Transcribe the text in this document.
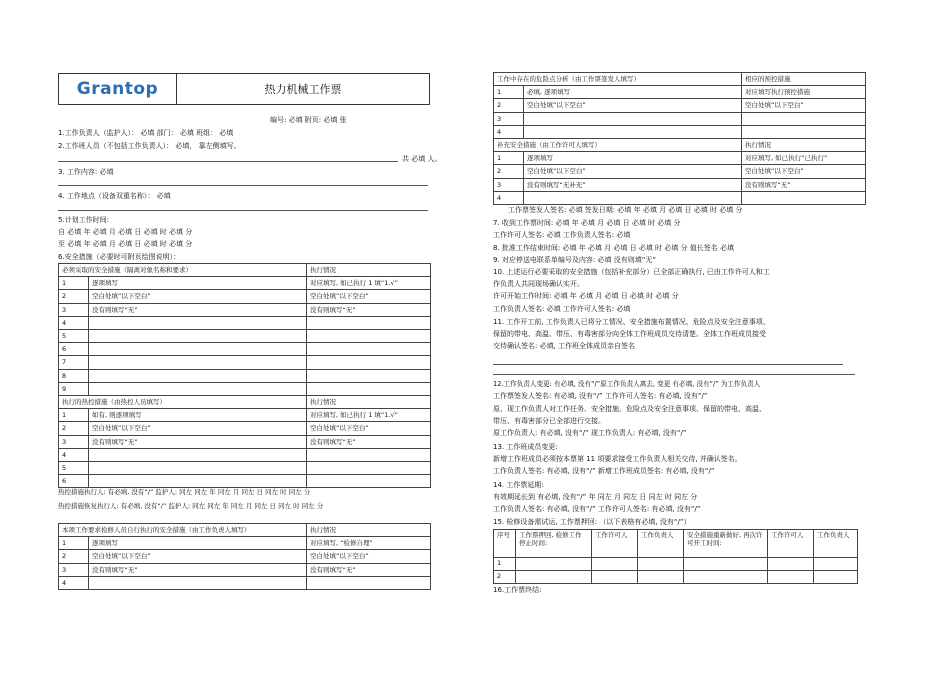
Grantop	热力机械工作票
编号: 必填 附页: 必填 张
1.工作负责人（监护人）： 必填 部门： 必填 班组： 必填
2.工作班人员（不包括工作负责人）： 必填， 靠左侧填写。
共 必填 人。
3. 工作内容: 必填
4. 工作地点（设备双重名称）： 必填
5.计划工作时间:
自 必填 年 必填 月 必填 日 必填 时 必填 分
至 必填 年 必填 月 必填 日 必填 时 必填 分
6.安全措施（必要时可附页绘图说明）：
必须采取的安全措施（隔离对象名称和要求）		执行情况
1	逐项填写	对应填写, 如已执行 1 填“1.√”
2	空白处填“以下空白”	空白处填“以下空白”
3	没有则填写“无”	没有则填写“无”
4		
5		
6		
7		
8		
9		
执行的热控措施（由热控人员填写）		执行情况
1	如有, 则逐项填写	对应填写, 如已执行 1 填“1.√”
2	空白处填“以下空白”	空白处填“以下空白”
3	没有则填写“无”	没有则填写“无”
4		
5		
6		
热控措施执行人: 有必填, 没有“/” 监护人: 同左 同左 年 同左 月 同左 日 同左 时 同左 分
热控措施恢复执行人: 有必填, 没有“/” 监护人: 同左 同左 年 同左 月 同左 日 同左 时 同左 分
本项工作要求检修人员自行执行的安全措施（由工作负责人填写）		执行情况
1	逐项填写	对应填写, “检修自理”
2	空白处填“以下空白”	空白处填“以下空白”
3	没有则填写“无”	没有则填写“无”
4		
工作中存在的危险点分析（由工作票签发人填写）		相应的预控措施
1	必填, 逐项填写	对应填写执行预控措施
2	空白处填“以下空白”	空白处填“以下空白”
3		
4		
补充安全措施（由工作许可人填写）		执行情况
1	逐项填写	对应填写, 如已执行“已执行”
2	空白处填“以下空白”	空白处填“以下空白”
3	没有则填写“无补充”	没有则填写“无”
4		
工作票签发人签名: 必填 签发日期: 必填 年 必填 月 必填 日 必填 时 必填 分
7. 收到工作票时间: 必填 年 必填 月 必填 日 必填 时 必填 分
工作许可人签名: 必填 工作负责人签名: 必填
8. 批准工作结束时间: 必填 年 必填 月 必填 日 必填 时 必填 分 值长签名 必填
9. 对应停送电联系单编号及内容: 必填 没有则填“无”
10. 上述运行必要采取的安全措施（包括补充部分）已全部正确执行, 已由工作许可人和工
作负责人共同现场确认实开。
许可开始工作时间: 必填 年 必填 月 必填 日 必填 时 必填 分
工作负责人签名: 必填 工作许可人签名: 必填
11. 工作开工前, 工作负责人已将分工情况、安全措施布置情况、危险点及安全注意事项、
保留的带电、高温、带压、有毒害部分向全体工作班成员交待清楚。全体工作班成员接受
交待确认签名: 必填, 工作班全体成员亲自签名
12.工作负责人变更: 有必填, 没有“/”原工作负责人离去, 变更 有必填, 没有“/” 为工作负责人
工作票签发人签名: 有必填, 没有“/” 工作许可人签名: 有必填, 没有“/”
原、现工作负责人对工作任务、安全措施、危险点及安全注意事项、保留的带电、高温、
带压、有毒害部分已全部进行交接。
原工作负责人: 有必填, 没有“/” 现工作负责人: 有必填, 没有“/”
13. 工作班成员变更:
新增工作班成员必须按本票第 11 项要求接受工作负责人相关交待, 并确认签名。
工作负责人签名: 有必填, 没有“/” 新增工作班成员签名: 有必填, 没有“/”
14. 工作票延期:
有效期延长到 有必填, 没有“/” 年 同左 月 同左 日 同左 时 同左 分
工作负责人签名: 有必填, 没有“/” 工作许可人签名: 有必填, 没有“/”
15. 检修设备需试运, 工作票押回: （以下表格有必填, 没有“/”）
序号	工作票押回, 检修工作停止时间:	工作许可人	工作负责人	安全措施重新做好, 再次许可开工时间:	工作许可人	工作负责人
1						
2						
16.工作票终结:
